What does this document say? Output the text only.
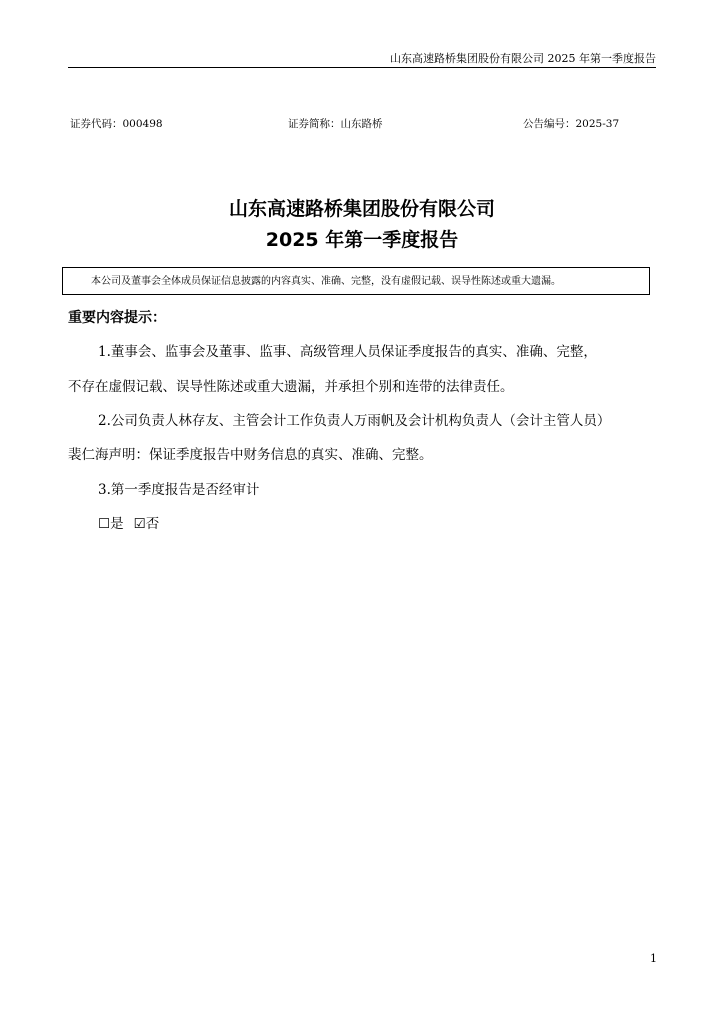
山东高速路桥集团股份有限公司 2025 年第一季度报告
证券代码：000498	证券简称：山东路桥	公告编号：2025-37
山东高速路桥集团股份有限公司
2025 年第一季度报告
本公司及董事会全体成员保证信息披露的内容真实、准确、完整，没有虚假记载、误导性陈述或重大遗漏。
重要内容提示：
1.董事会、监事会及董事、监事、高级管理人员保证季度报告的真实、准确、完整，
不存在虚假记载、误导性陈述或重大遗漏，并承担个别和连带的法律责任。
2.公司负责人林存友、主管会计工作负责人万雨帆及会计机构负责人（会计主管人员）
裴仁海声明：保证季度报告中财务信息的真实、准确、完整。
3.第一季度报告是否经审计
☐是 ☑否
1
